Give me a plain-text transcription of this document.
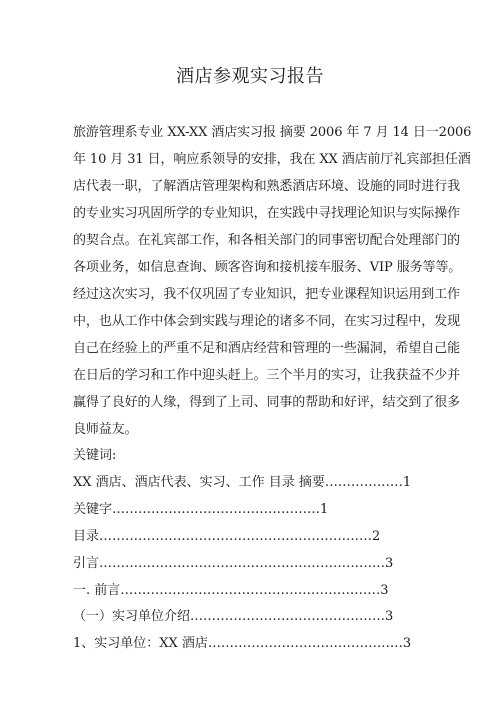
酒店参观实习报告
旅游管理系专业 XX-XX 酒店实习报 摘要 2006 年 7 月 14 日一2006
年 10 月 31 日，响应系领导的安排，我在 XX 酒店前厅礼宾部担任酒
店代表一职，了解酒店管理架构和熟悉酒店环境、设施的同时进行我
的专业实习巩固所学的专业知识，在实践中寻找理论知识与实际操作
的契合点。在礼宾部工作，和各相关部门的同事密切配合处理部门的
各项业务，如信息查询、顾客咨询和接机接车服务、VIP 服务等等。
经过这次实习，我不仅巩固了专业知识，把专业课程知识运用到工作
中，也从工作中体会到实践与理论的诸多不同，在实习过程中，发现
自己在经验上的严重不足和酒店经营和管理的一些漏洞，希望自己能
在日后的学习和工作中迎头赶上。三个半月的实习，让我获益不少并
赢得了良好的人缘，得到了上司、同事的帮助和好评，结交到了很多
良师益友。
关键词:
XX 酒店、酒店代表、实习、工作 目录 摘要………………1
关键字…………………………………………1
目录………………………………………………………2
引言…………………………………………………………3
一. 前言……………………………………………………3
（一）实习单位介绍………………………………………3
1、实习单位：XX 酒店………………………………………3
